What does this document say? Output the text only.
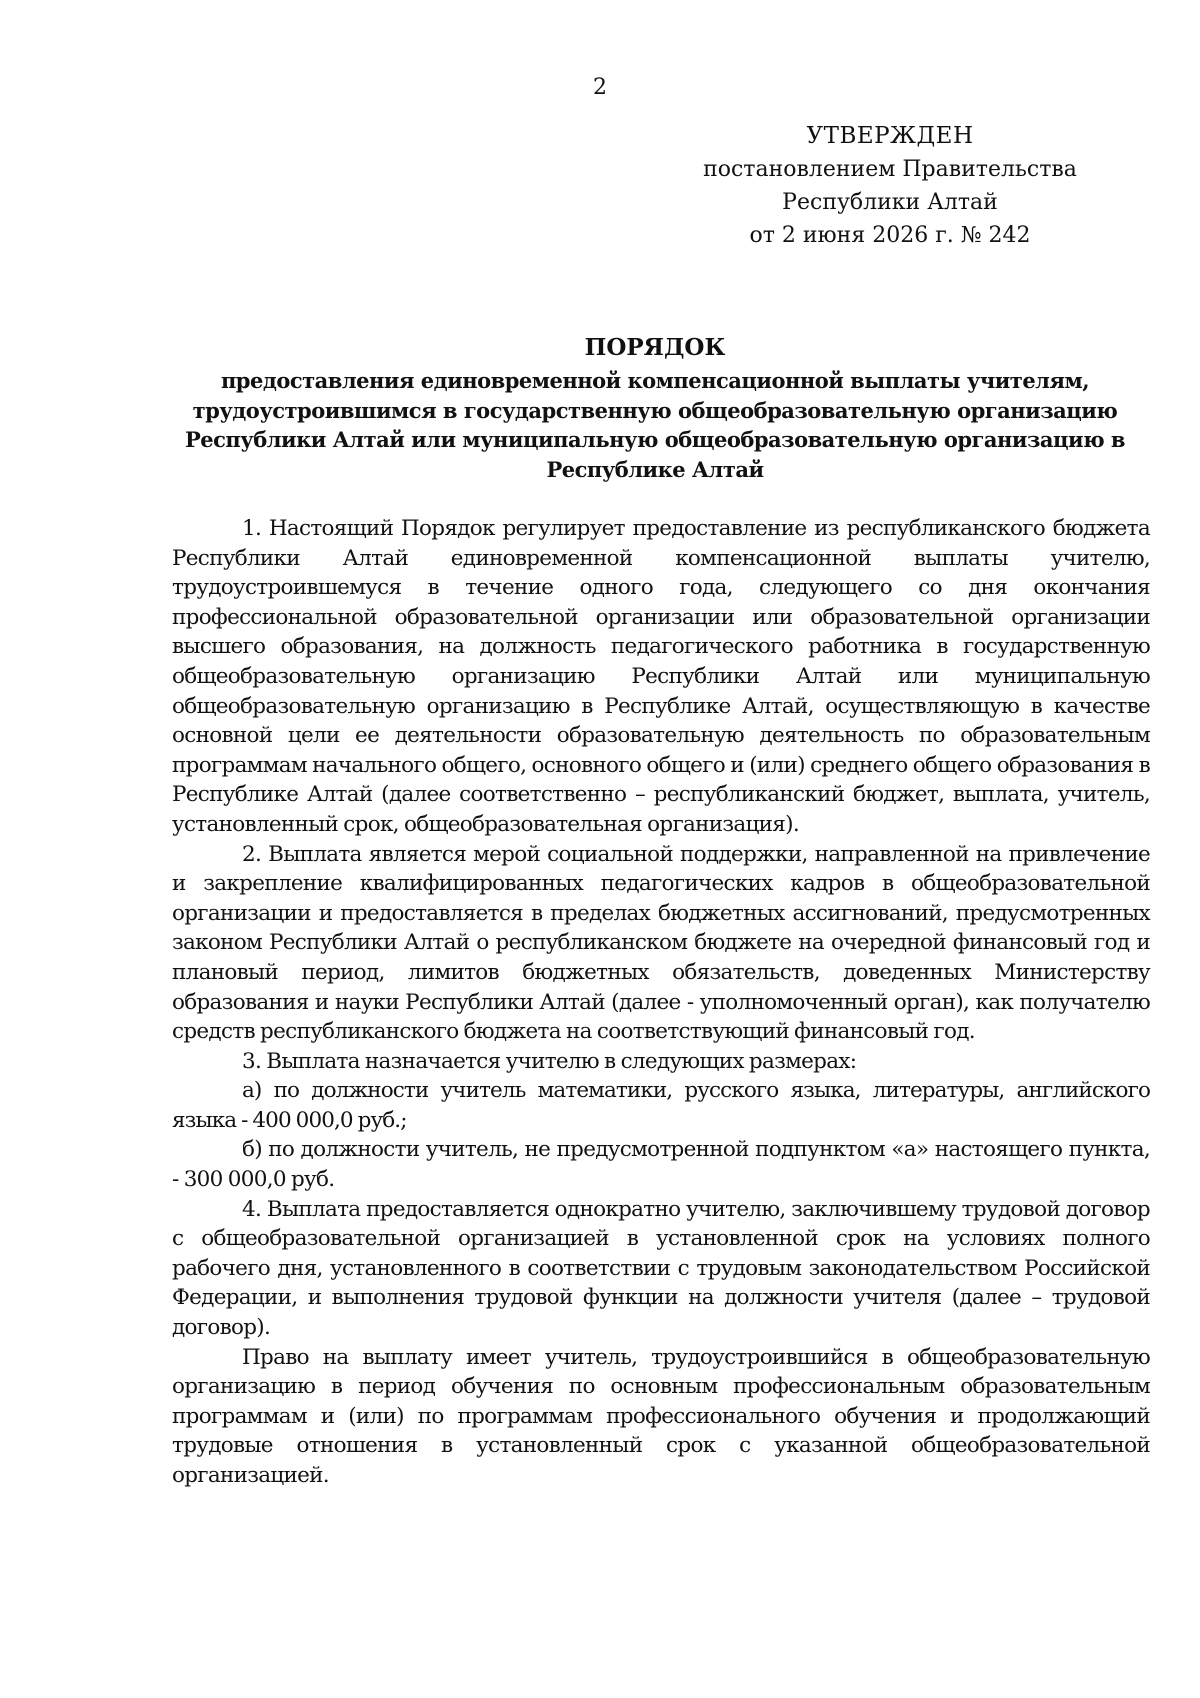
2
УТВЕРЖДЕН
постановлением Правительства
Республики Алтай
от 2 июня 2026 г. № 242
ПОРЯДОК
предоставления единовременной компенсационной выплаты учителям, трудоустроившимся в государственную общеобразовательную организацию Республики Алтай или муниципальную общеобразовательную организацию в Республике Алтай

1. Настоящий Порядок регулирует предоставление из республиканского бюджета Республики Алтай единовременной компенсационной выплаты учителю, трудоустроившемуся в течение одного года, следующего со дня окончания профессиональной образовательной организации или образовательной организации высшего образования, на должность педагогического работника в государственную общеобразовательную организацию Республики Алтай или муниципальную общеобразовательную организацию в Республике Алтай, осуществляющую в качестве основной цели ее деятельности образовательную деятельность по образовательным программам начального общего, основного общего и (или) среднего общего образования в Республике Алтай (далее соответственно – республиканский бюджет, выплата, учитель, установленный срок, общеобразовательная организация).

2. Выплата является мерой социальной поддержки, направленной на привлечение и закрепление квалифицированных педагогических кадров в общеобразовательной организации и предоставляется в пределах бюджетных ассигнований, предусмотренных законом Республики Алтай о республиканском бюджете на очередной финансовый год и плановый период, лимитов бюджетных обязательств, доведенных Министерству образования и науки Республики Алтай (далее - уполномоченный орган), как получателю средств республиканского бюджета на соответствующий финансовый год.

3. Выплата назначается учителю в следующих размерах:

а) по должности учитель математики, русского языка, литературы, английского языка - 400 000,0 руб.;

б) по должности учитель, не предусмотренной подпунктом «а» настоящего пункта, - 300 000,0 руб.

4. Выплата предоставляется однократно учителю, заключившему трудовой договор с общеобразовательной организацией в установленной срок на условиях полного рабочего дня, установленного в соответствии с трудовым законодательством Российской Федерации, и выполнения трудовой функции на должности учителя (далее – трудовой договор).

Право на выплату имеет учитель, трудоустроившийся в общеобразовательную организацию в период обучения по основным профессиональным образовательным программам и (или) по программам профессионального обучения и продолжающий трудовые отношения в установленный срок с указанной общеобразовательной организацией.
